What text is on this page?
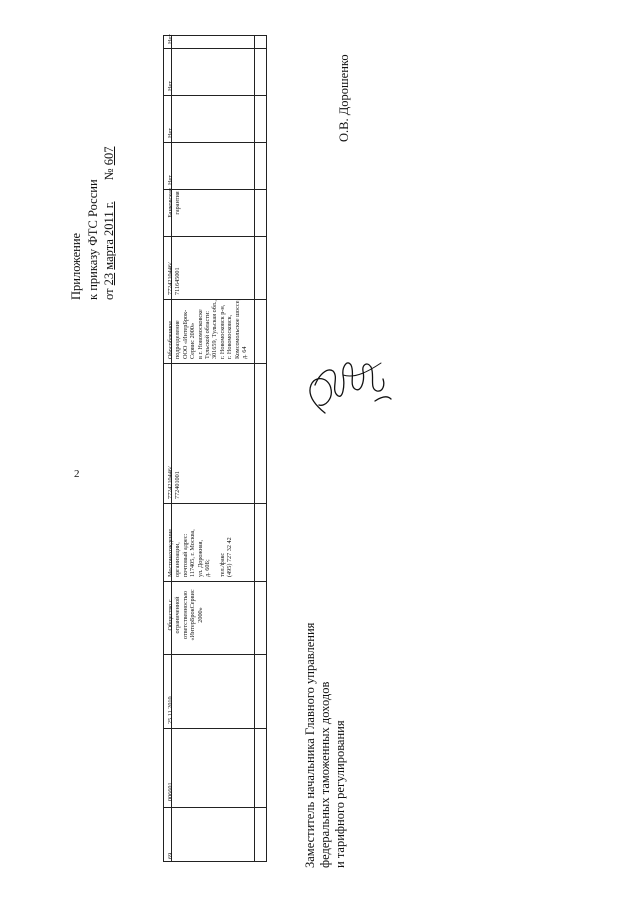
2
Приложение к приказу ФТС России от 23 марта 2011 г. № 607
69
006601
25.11.2010
Общество с ограниченной ответственностью «ИнтерБрокСервис 2000»
Местонахождение организации, почтовый адрес: 117405, г. Москва, ул. Дорожная, д. 60Б; тел./факс (495) 727 32 42
7724210446/ 772401001
Обособленное подразделение ООО «ИнтерБрок- Сервис 2000» в г. Новомосковске Тульской области: 301659, Тульская обл., г. Новомосковск р-н, г. Новомосковск, Комсомольское шоссе, д. 64
7724210446/ 711645001
Банковская гарантия
Нет
Нет
Нет
Нет
Заместитель начальника Главного управления федеральных таможенных доходов и тарифного регулирования
О.В. Дорошенко
